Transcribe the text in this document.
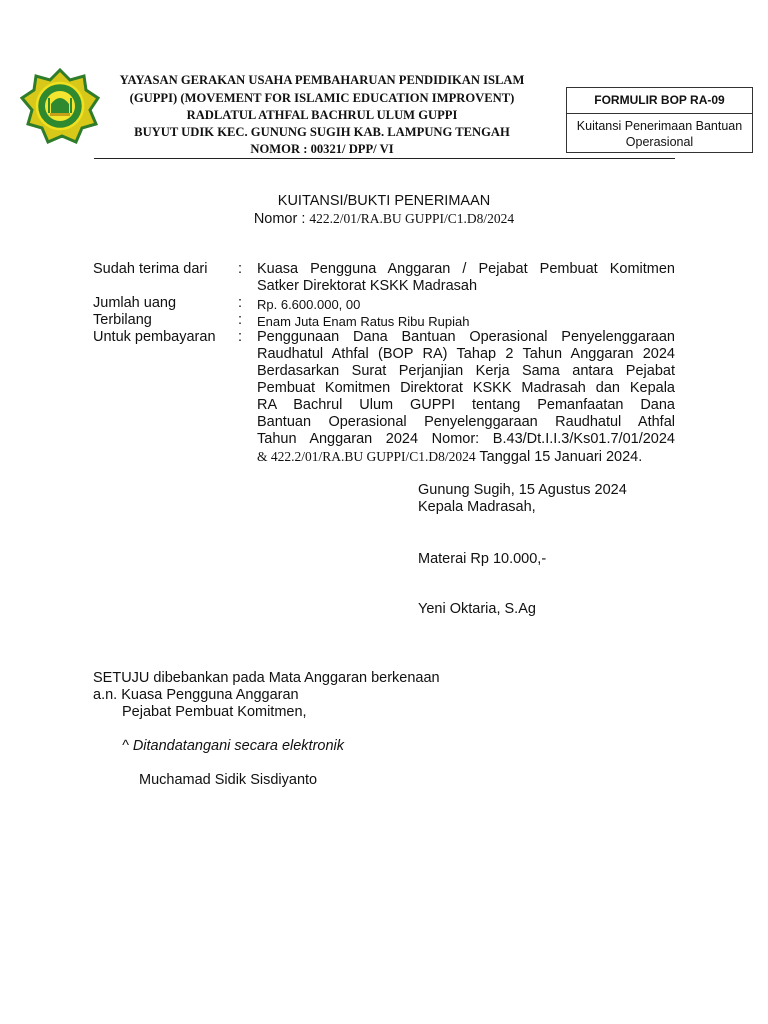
YAYASAN GERAKAN USAHA PEMBAHARUAN PENDIDIKAN ISLAM
(GUPPI) (MOVEMENT FOR ISLAMIC EDUCATION IMPROVENT)
RADLATUL ATHFAL BACHRUL ULUM GUPPI
BUYUT UDIK KEC. GUNUNG SUGIH KAB. LAMPUNG TENGAH
NOMOR : 00321/ DPP/ VI
FORMULIR BOP RA-09
Kuitansi Penerimaan Bantuan
Operasional
KUITANSI/BUKTI PENERIMAAN
Nomor : 422.2/01/RA.BU GUPPI/C1.D8/2024
Sudah terima dari : Kuasa Pengguna Anggaran / Pejabat Pembuat Komitmen
Satker Direktorat KSKK Madrasah
Jumlah uang	: Rp. 6.600.000, 00
Terbilang	: Enam Juta Enam Ratus Ribu Rupiah
Untuk pembayaran : Penggunaan Dana Bantuan Operasional Penyelenggaraan
Raudhatul Athfal (BOP RA) Tahap 2 Tahun Anggaran 2024
Berdasarkan Surat Perjanjian Kerja Sama antara Pejabat
Pembuat Komitmen Direktorat KSKK Madrasah dan Kepala
RA Bachrul Ulum GUPPI tentang Pemanfaatan Dana
Bantuan Operasional Penyelenggaraan Raudhatul Athfal
Tahun Anggaran 2024 Nomor: B.43/Dt.I.I.3/Ks01.7/01/2024
& 422.2/01/RA.BU GUPPI/C1.D8/2024 Tanggal 15 Januari 2024.
Gunung Sugih, 15 Agustus 2024
Kepala Madrasah,
Materai Rp 10.000,-
Yeni Oktaria, S.Ag
SETUJU dibebankan pada Mata Anggaran berkenaan
a.n. Kuasa Pengguna Anggaran
Pejabat Pembuat Komitmen,
^ Ditandatangani secara elektronik
Muchamad Sidik Sisdiyanto
